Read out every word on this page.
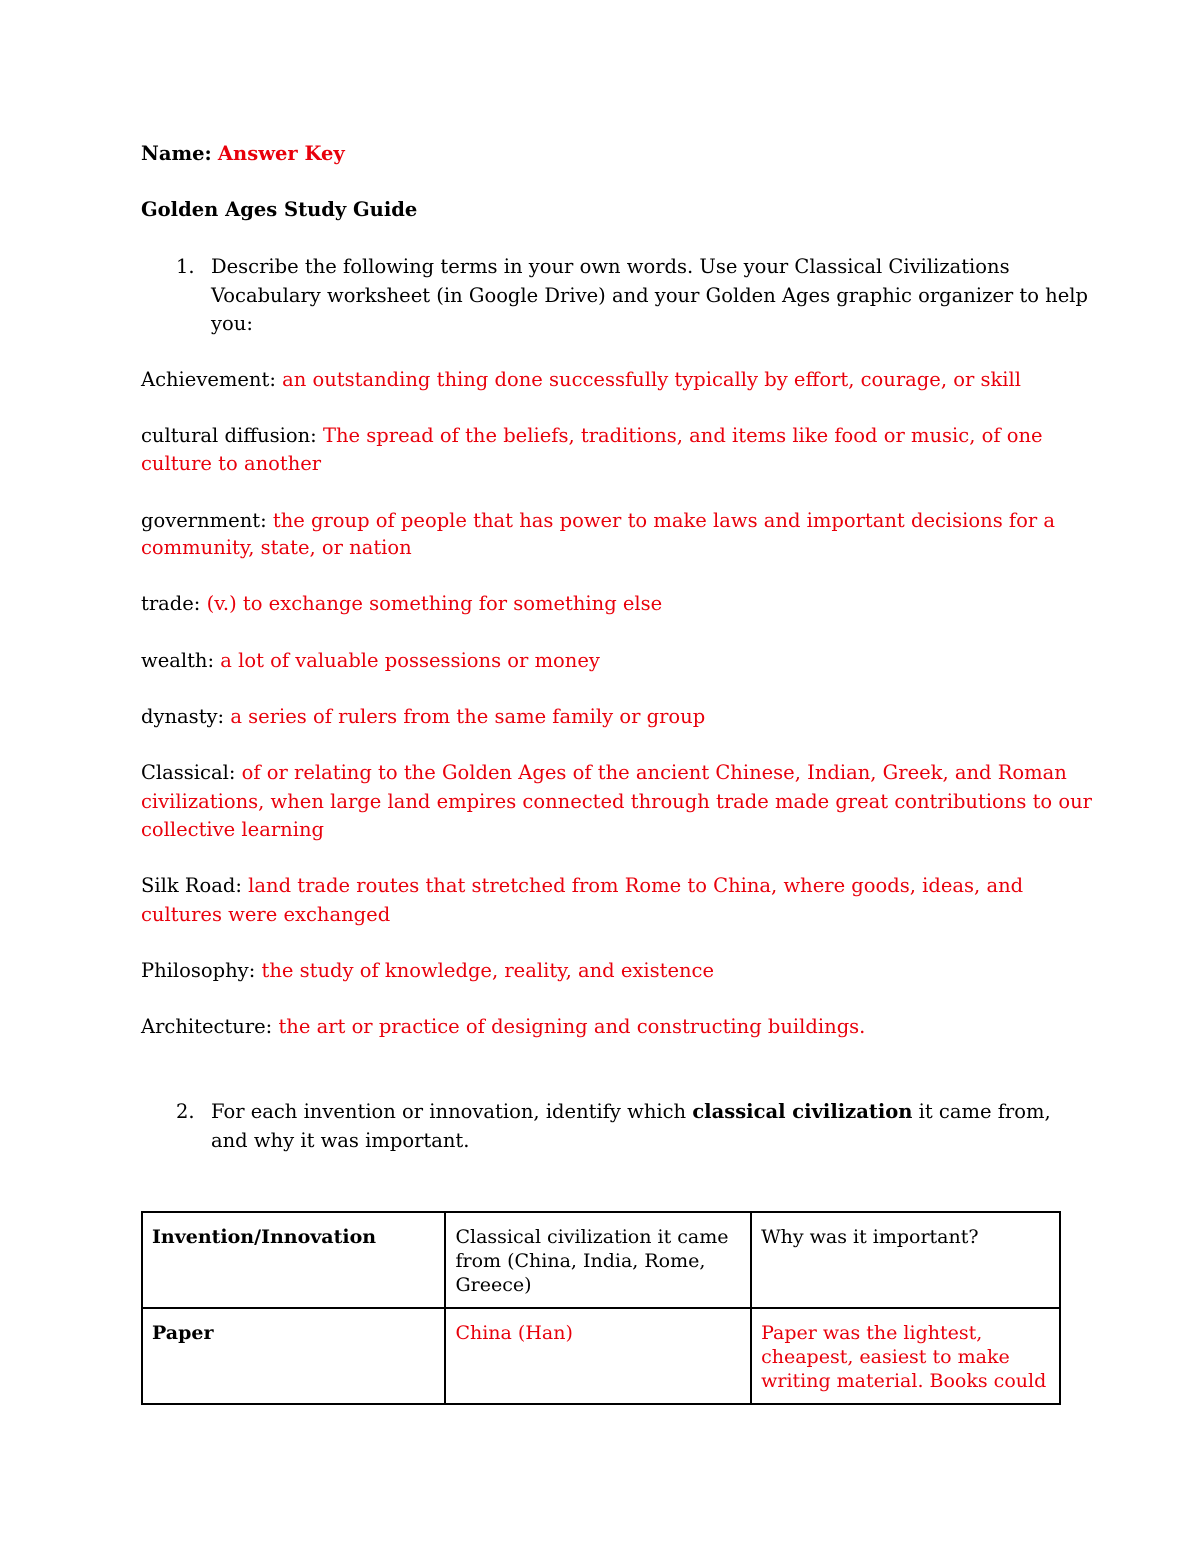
Name: Answer Key
Golden Ages Study Guide
1. Describe the following terms in your own words. Use your Classical Civilizations
Vocabulary worksheet (in Google Drive) and your Golden Ages graphic organizer to help
you:
Achievement: an outstanding thing done successfully typically by effort, courage, or skill
cultural diffusion: The spread of the beliefs, traditions, and items like food or music, of one
culture to another
government: the group of people that has power to make laws and important decisions for a
community, state, or nation
trade: (v.) to exchange something for something else
wealth: a lot of valuable possessions or money
dynasty: a series of rulers from the same family or group
Classical: of or relating to the Golden Ages of the ancient Chinese, Indian, Greek, and Roman
civilizations, when large land empires connected through trade made great contributions to our
collective learning
Silk Road: land trade routes that stretched from Rome to China, where goods, ideas, and
cultures were exchanged
Philosophy: the study of knowledge, reality, and existence
Architecture: the art or practice of designing and constructing buildings.
2. For each invention or innovation, identify which classical civilization it came from,
and why it was important.
Invention/Innovation	Classical civilization it came
from (China, India, Rome,
Greece)	Why was it important?

Paper	China (Han)	Paper was the lightest,
cheapest, easiest to make
writing material. Books could
